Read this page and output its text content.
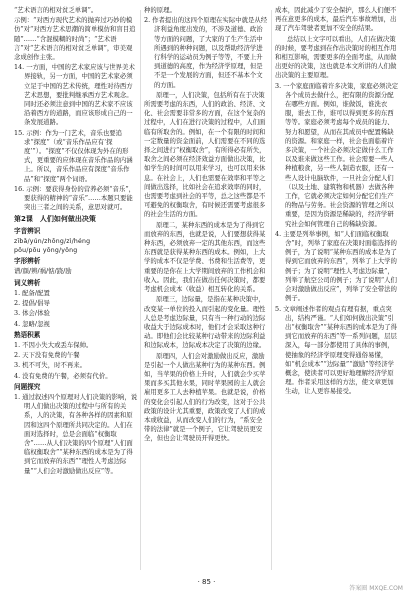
“艺术语言的相对贫乏单调”。
示例：“对西方现代艺术的抛弃过巧妙的模仿”对“对西方艺术思潮的简单模仿和盲目追随”……“含混模糊的时尚”；“艺术语言”对“艺术语言的相对贫乏单调”，审美观念成创作主张。
14. 一方面，中国的艺术家应该与世界美术界接轨，另一方面，中国的艺术家必须立足于中国的艺术传统，理性对待西方艺术思想，要批判继承西方艺术观念。同时还必须注意到中国的艺术家不应该沿着西方的道路，而应该形成自己的一条发展道路。
15. 示例：作为一门艺术，音乐也要追求“探度”（或“音乐作品应有‘探度’”）。“探度”不仅仅体现为外在的形式，更重要的应体现在音乐作品的内涵上。所以，音乐作品应有深度“音乐作品”和“探度”两个词语。
16. 示例：要获得身份的营养必须“音乐”，要获得的精神的“音乐”……本题只要能突出三者之间的关系，意思对就可。
第2课　人们如何做出决策
字音辨识
zībǎ/yún/zhōng/zì/héng
pōu/pōu yōng/yōng
字形辨析
谱/颜/辨/祸/惦/跷/励
词义辨析
1. 配备/配置
2. 提倡/倡导
3. 体会/体验
4. 忽略/忽视
熟语积累
1. 不因小失大或丢车保帅。
2. 天下没有免费的午餐
3. 机不可失，时不再来。
4. 没有免费的午餐，必须有代价。
问题探究
1. 通过叙述四个原理对人们决策的影响，说明人们做出决策的过程中与所有的关系，人的决策，有各种各样的因素和原因和这四个原理所共同决定的。人们在面对选择时，总是会面临“权衡取舍”……从人们决策的四个原理“人们面临权衡取舍”“某种东西的成本是为了得到它而放弃的东西”“理性人考虑边际量”“人们会对激励做出反应”等。
种的原理。
2. 作者提出的这四个原理在实际中就是从经济利益角度出发的，不涉及道德、政治等方面的问题，了大家的了生产生活中所遇到的种种问题，以及帮助经济学进行科学的运动员为例子等等，不要上升到道德的高度，作为经济学原理，但是不是一个发展的方面，但还不基本个文的方面。
原理一，人们决策，包括所有在于决策所需要考虑的东西，人们的政治、经济、文化、社会需要非常多的方面，在这个复杂的过程中，人们在进行决策的过程中，人们面临有所取舍的。例如，在一个有限的时间和一定数量的资金面前，人们需要在不同的选择之间进行“权衡取舍”，有所得必有所失，取舍之间必须在经济效益方面做出决策，比如学生的时间可以用来学习，也可以用来休息。在社会上，人们也需要在效率和平等之间做出选择，比如社会在追求效率的同时，也需要考虑到社会的平等，总之这些都是不可避免的权衡取舍，有时候还需要考虑很多的社会生活的方面。
原理二，某种东西的成本是为了得到它而放弃的东西，也就是说，人们要想获得某种东西，必须放弃一定的其他东西，而这些东西就是获得某种东西的成本。例如，上大学的成本不仅是学费、书费和生活费等，更重要的是你在上大学期间放弃的工作机会和收入。因此，我们在做出任何决策时，都要考虑机会成本（收益）相互转化的关系。
原理三，边际量，是指在某种决策中，改变某一单位的投入而引起的变化量。理性人总是考虑边际量，只有当一种行动的边际收益大于边际成本时，他们才会采取这种行动。即他们会比较某种行动带来的边际利益和边际成本，边际成本决定了决策的边缘。
原理四，人们会对激励做出反应，激励是引起一个人做出某种行为的某种东西。例如，当苹果的价格上升时，人们就会少买苹果而多买其他水果，同时苹果园的主人就会雇用更多工人去种植苹果。也就是说，价格的变化会引起人们的行为改变，这对于公共政策的设计尤其重要，政策改变了人们的成本或收益，从而改变人们的行为，“系安全带的法律”就是一个例子，它让驾驶员更安全，但也会让驾驶员开得更快。
成本，因此减少了安全保护，那么人们便不再在意更多的成本，最后汽车事故增加，出现了汽车驾驶者更加不安全的结果。
总结以上文字可以看出，人们在做决策的时候，要考虑到在作出决策时的相互作用和相互影响，需要更多的全面考虑，从而做出更好的决策，这也就是本文所讲的人们做出决策的主要原理。
3. 一个家庭面临着许多决策，家庭必须决定各个成员去做什么，把有限的资源分配在哪些方面。例如，谁做饭，谁洗衣服，谁去工作，谁可以得到更多的东西等等。家庭必须考虑每个成员的能力、努力和愿望，从而在其成员中配置稀缺的资源。和家庭一样，社会也面临着许多决策，一个社会必须决定做什么工作以及谁来做这些工作。社会需要一些人种植粮食，另一些人制造衣服，还有一些人设计电脑软件，一旦社会分配人们（以及土地、建筑物和机器）去做各种工作，它就必须决定如何分配它们生产的物品与劳务。社会资源的管理之所以重要，是因为资源是稀缺的，经济学研究社会如何管理自己的稀缺资源。
4. 主要是列举事例，如“人们面临权衡取舍”时，列举了家庭在决策时面临选择的例子，为了说明“某种东西的成本是为了得到它而放弃的东西”，列举了上大学的例子；为了说明“理性人考虑边际量”，列举了航空公司的例子；为了说明“人们会对激励做出反应”，列举了安全带法的例子。
5. 文章阐述作者的观点有理有据，重点突出，结构严谨。“人们如何做出决策”引出“权衡取舍”“某种东西的成本是为了得到它而放弃的东西”等一系列问题，层层深入，每一部分都使用了具体的事例，使抽象的经济学原理变得通俗易懂，如“机会成本”“边际量”“激励”等经济学概念，使读者可以更好地理解经济学原理。作者采用这样的方法，使文章更加生动，让人更容易接受。
· 85 ·
答案圈 MXQE.COM
